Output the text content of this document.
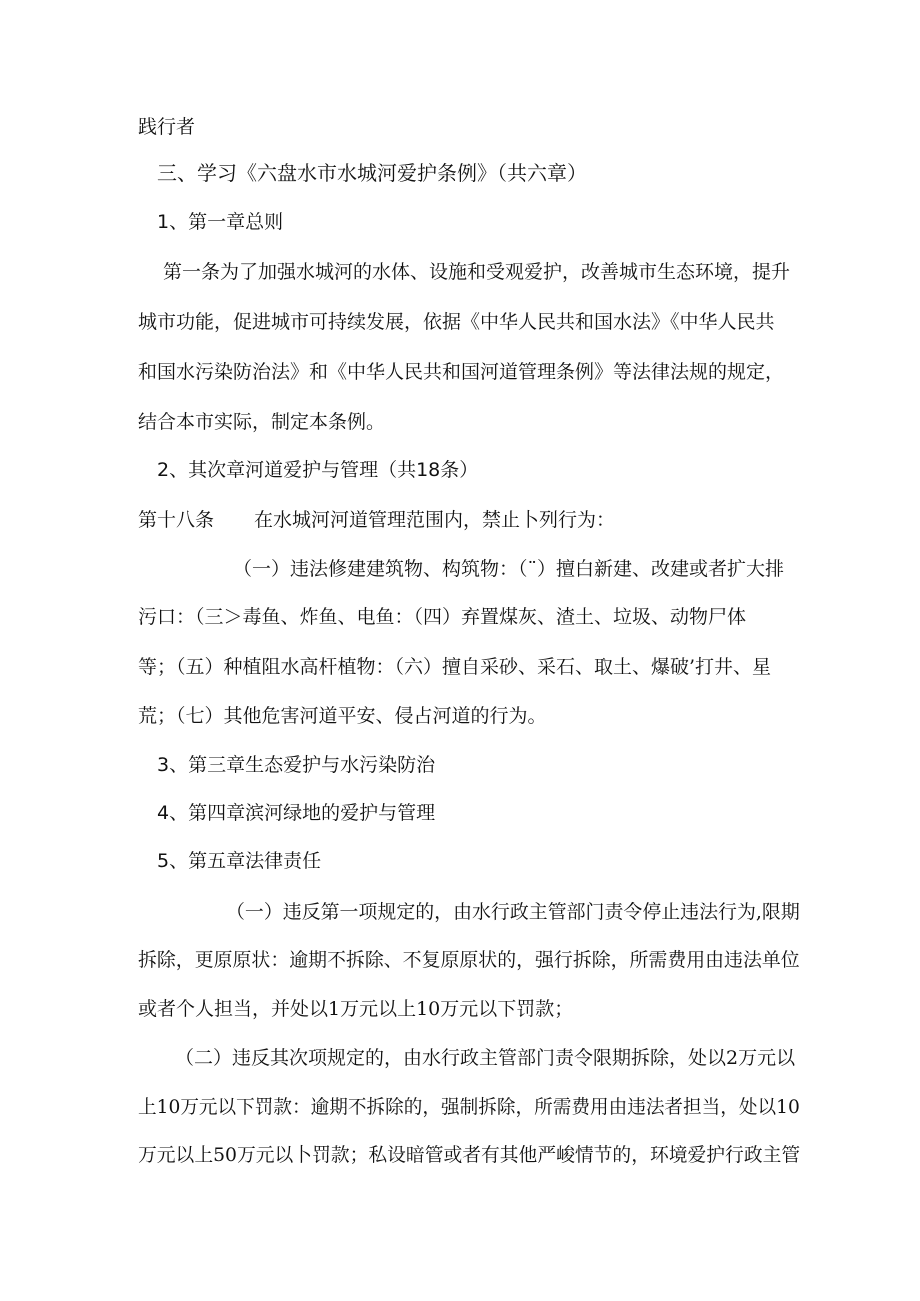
践行者
三、学习《六盘水市水城河爱护条例》（共六章）
1、第一章总则
第一条为了加强水城河的水体、设施和受观爱护，改善城市生态环境，提升
城市功能，促进城市可持续发展，依据《中华人民共和国水法》《中华人民共
和国水污染防治法》和《中华人民共和国河道管理条例》等法律法规的规定，
结合本市实际，制定本条例。
2、其次章河道爱护与管理（共18条）
第十八条 在水城河河道管理范围内，禁止卜列行为：
（一）违法修建建筑物、构筑物：（¨）擅白新建、改建或者扩大排
污口：（三＞毒鱼、炸鱼、电鱼：（四）弃置煤灰、渣土、垃圾、动物尸体
等；（五）种植阻水高杆植物：（六）擅自采砂、采石、取土、爆破’打井、星
荒；（七）其他危害河道平安、侵占河道的行为。
3、第三章生态爱护与水污染防治
4、第四章滨河绿地的爱护与管理
5、第五章法律责任
（一）违反第一项规定的，由水行政主管部门责令停止违法行为,限期
拆除，更原原状：逾期不拆除、不复原原状的，强行拆除，所需费用由违法单位
或者个人担当，并处以1万元以上10万元以下罚款；
（二）违反其次项规定的，由水行政主管部门责令限期拆除，处以2万元以
上10万元以下罚款：逾期不拆除的，强制拆除，所需费用由违法者担当，处以10
万元以上50万元以卜罚款；私设暗管或者有其他严峻情节的，环境爱护行政主管
